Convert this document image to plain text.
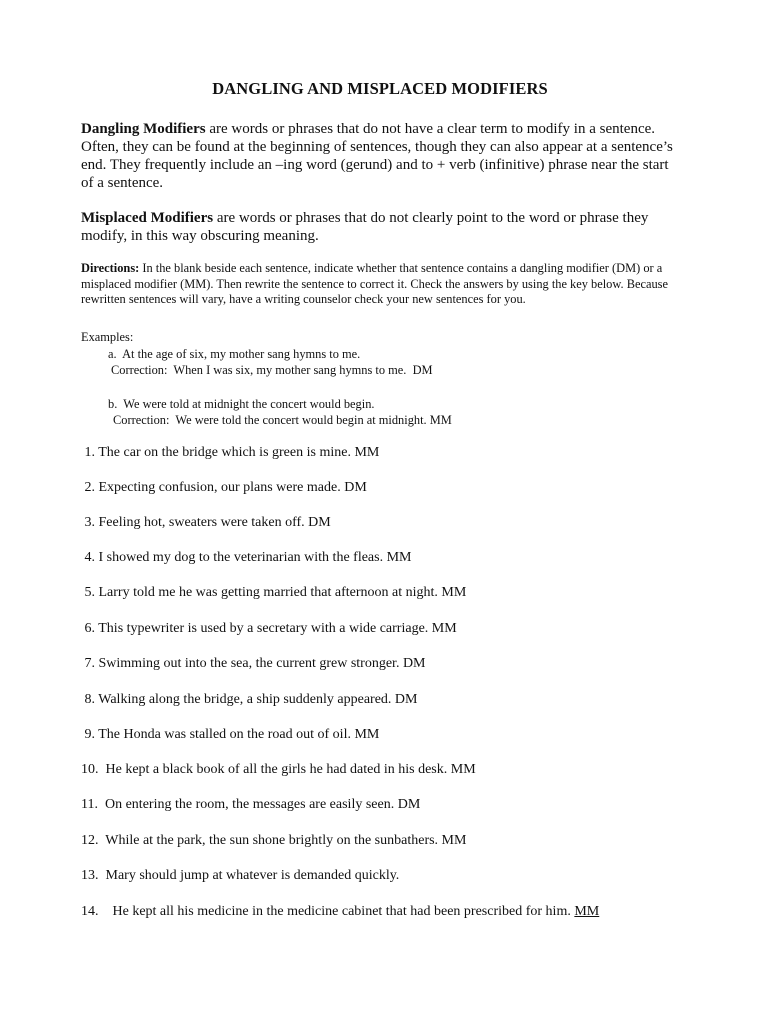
DANGLING AND MISPLACED MODIFIERS
Dangling Modifiers are words or phrases that do not have a clear term to modify in a sentence. Often, they can be found at the beginning of sentences, though they can also appear at a sentence’s end. They frequently include an –ing word (gerund) and to + verb (infinitive) phrase near the start of a sentence.
Misplaced Modifiers are words or phrases that do not clearly point to the word or phrase they modify, in this way obscuring meaning.
Directions: In the blank beside each sentence, indicate whether that sentence contains a dangling modifier (DM) or a misplaced modifier (MM). Then rewrite the sentence to correct it. Check the answers by using the key below. Because rewritten sentences will vary, have a writing counselor check your new sentences for you.
Examples:
a.  At the age of six, my mother sang hymns to me.
Correction:  When I was six, my mother sang hymns to me.  DM
b.  We were told at midnight the concert would begin.
Correction:  We were told the concert would begin at midnight. MM
1. The car on the bridge which is green is mine. MM
2. Expecting confusion, our plans were made. DM
3. Feeling hot, sweaters were taken off. DM
4. I showed my dog to the veterinarian with the fleas. MM
5. Larry told me he was getting married that afternoon at night. MM
6. This typewriter is used by a secretary with a wide carriage. MM
7. Swimming out into the sea, the current grew stronger. DM
8. Walking along the bridge, a ship suddenly appeared. DM
9. The Honda was stalled on the road out of oil. MM
10.  He kept a black book of all the girls he had dated in his desk. MM
11.  On entering the room, the messages are easily seen. DM
12.  While at the park, the sun shone brightly on the sunbathers. MM
13.  Mary should jump at whatever is demanded quickly.
14.    He kept all his medicine in the medicine cabinet that had been prescribed for him. MM
